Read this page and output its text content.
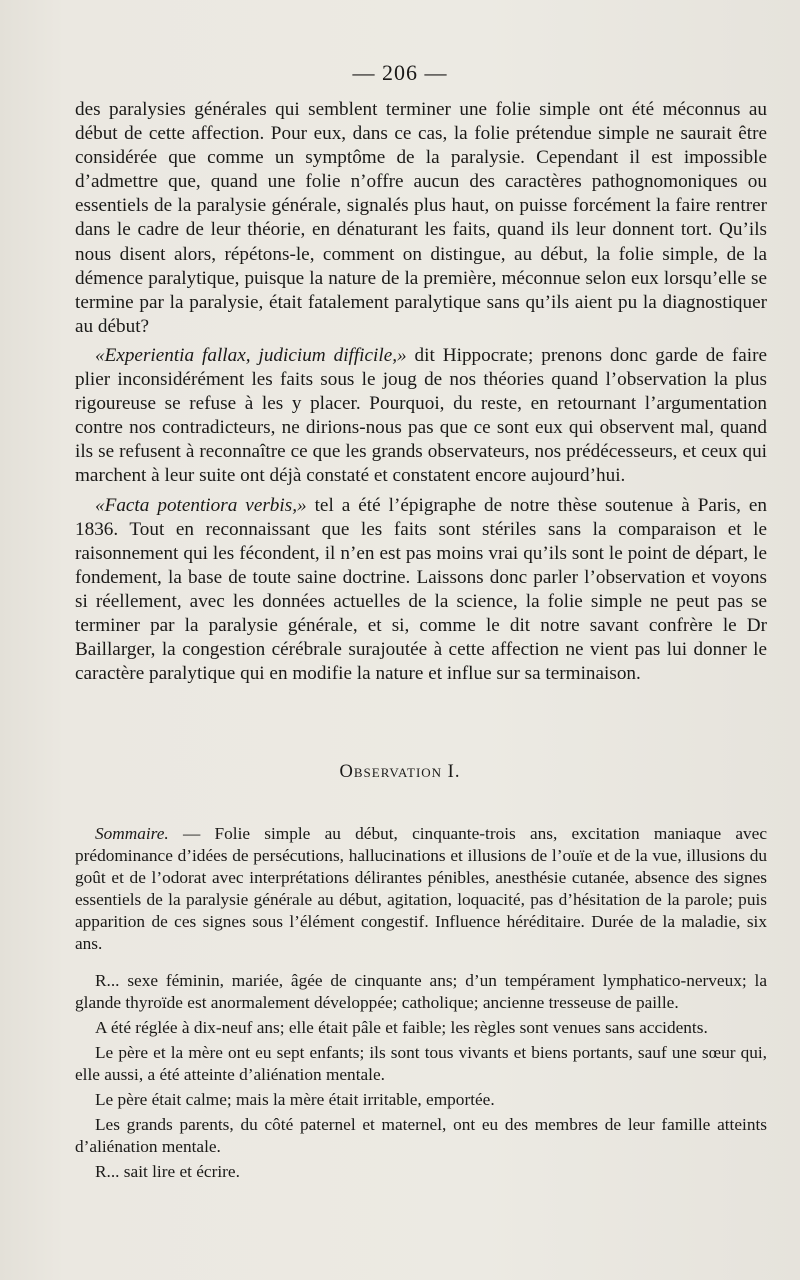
— 206 —

des paralysies générales qui semblent terminer une folie simple ont été méconnus au début de cette affection. Pour eux, dans ce cas, la folie prétendue simple ne saurait être considérée que comme un symptôme de la paralysie. Cependant il est impossible d’admettre que, quand une folie n’offre aucun des caractères pathognomoniques ou essentiels de la paralysie générale, signalés plus haut, on puisse forcément la faire rentrer dans le cadre de leur théorie, en dénaturant les faits, quand ils leur donnent tort. Qu’ils nous disent alors, répétons-le, comment on distingue, au début, la folie simple, de la démence paralytique, puisque la nature de la première, méconnue selon eux lorsqu’elle se termine par la paralysie, était fatalement paralytique sans qu’ils aient pu la diagnostiquer au début?

«Experientia fallax, judicium difficile,» dit Hippocrate; prenons donc garde de faire plier inconsidérément les faits sous le joug de nos théories quand l’observation la plus rigoureuse se refuse à les y placer. Pourquoi, du reste, en retournant l’argumentation contre nos contradicteurs, ne dirions-nous pas que ce sont eux qui observent mal, quand ils se refusent à reconnaître ce que les grands observateurs, nos prédécesseurs, et ceux qui marchent à leur suite ont déjà constaté et constatent encore aujourd’hui.

«Facta potentiora verbis,» tel a été l’épigraphe de notre thèse soutenue à Paris, en 1836. Tout en reconnaissant que les faits sont stériles sans la comparaison et le raisonnement qui les fécondent, il n’en est pas moins vrai qu’ils sont le point de départ, le fondement, la base de toute saine doctrine. Laissons donc parler l’observation et voyons si réellement, avec les données actuelles de la science, la folie simple ne peut pas se terminer par la paralysie générale, et si, comme le dit notre savant confrère le Dr Baillarger, la congestion cérébrale surajoutée à cette affection ne vient pas lui donner le caractère paralytique qui en modifie la nature et influe sur sa terminaison.

Observation I.

Sommaire. — Folie simple au début, cinquante-trois ans, excitation maniaque avec prédominance d’idées de persécutions, hallucinations et illusions de l’ouïe et de la vue, illusions du goût et de l’odorat avec interprétations délirantes pénibles, anesthésie cutanée, absence des signes essentiels de la paralysie générale au début, agitation, loquacité, pas d’hésitation de la parole; puis apparition de ces signes sous l’élément congestif. Influence héréditaire. Durée de la maladie, six ans.

R... sexe féminin, mariée, âgée de cinquante ans; d’un tempérament lymphatico-nerveux; la glande thyroïde est anormalement développée; catholique; ancienne tresseuse de paille.

A été réglée à dix-neuf ans; elle était pâle et faible; les règles sont venues sans accidents.

Le père et la mère ont eu sept enfants; ils sont tous vivants et biens portants, sauf une sœur qui, elle aussi, a été atteinte d’aliénation mentale.

Le père était calme; mais la mère était irritable, emportée.

Les grands parents, du côté paternel et maternel, ont eu des membres de leur famille atteints d’aliénation mentale.

R... sait lire et écrire.
